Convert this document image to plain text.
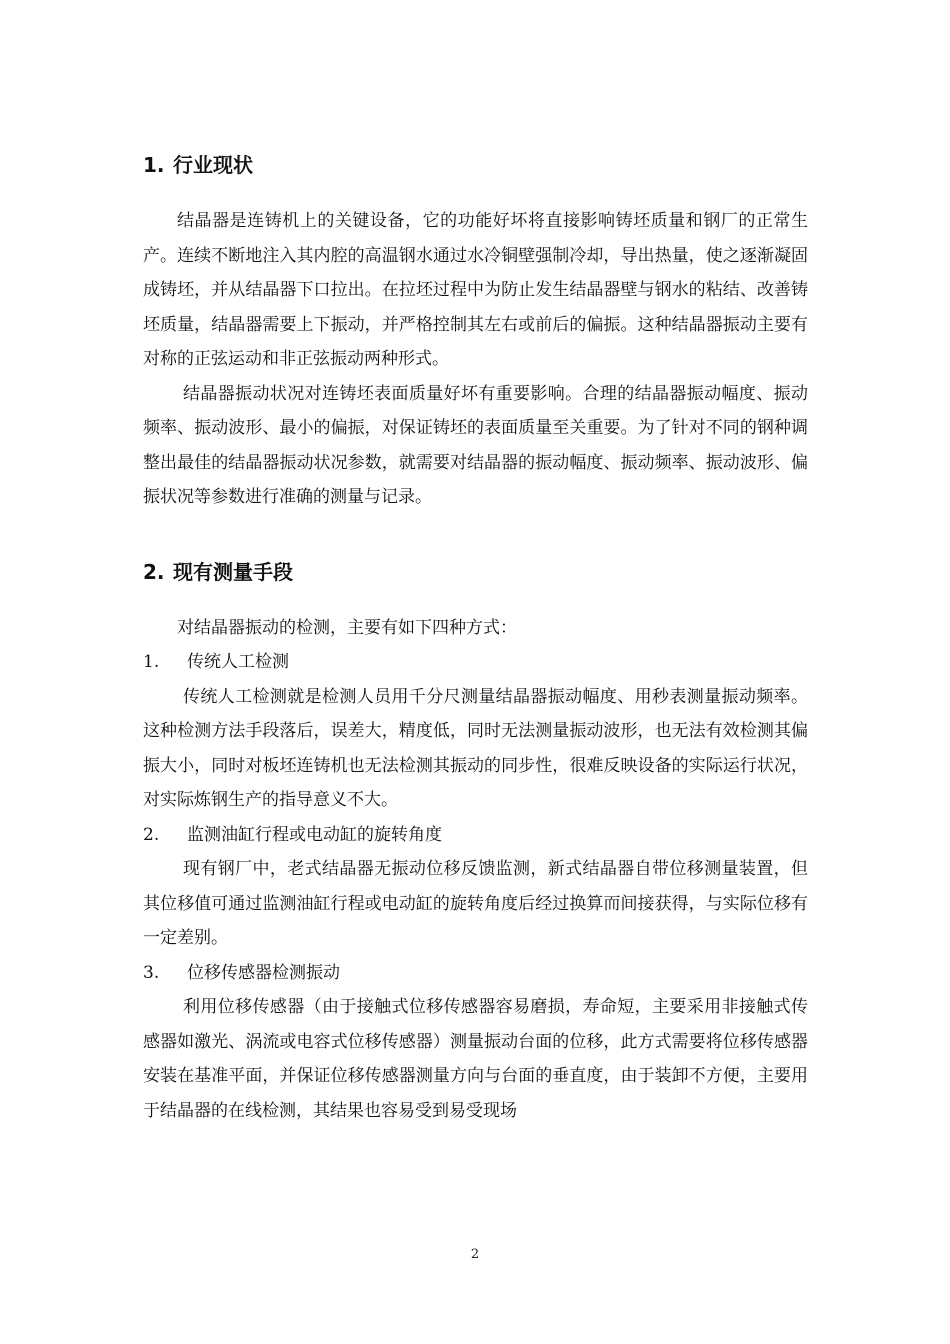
1. 行业现状

结晶器是连铸机上的关键设备，它的功能好坏将直接影响铸坯质量和钢厂的正常生产。连续不断地注入其内腔的高温钢水通过水冷铜壁强制冷却，导出热量，使之逐渐凝固成铸坯，并从结晶器下口拉出。在拉坯过程中为防止发生结晶器壁与钢水的粘结、改善铸坯质量，结晶器需要上下振动，并严格控制其左右或前后的偏振。这种结晶器振动主要有对称的正弦运动和非正弦振动两种形式。

结晶器振动状况对连铸坯表面质量好坏有重要影响。合理的结晶器振动幅度、振动频率、振动波形、最小的偏振，对保证铸坯的表面质量至关重要。为了针对不同的钢种调整出最佳的结晶器振动状况参数，就需要对结晶器的振动幅度、振动频率、振动波形、偏振状况等参数进行准确的测量与记录。

2. 现有测量手段

对结晶器振动的检测，主要有如下四种方式：

1. 传统人工检测

传统人工检测就是检测人员用千分尺测量结晶器振动幅度、用秒表测量振动频率。这种检测方法手段落后，误差大，精度低，同时无法测量振动波形，也无法有效检测其偏振大小，同时对板坯连铸机也无法检测其振动的同步性，很难反映设备的实际运行状况，对实际炼钢生产的指导意义不大。

2. 监测油缸行程或电动缸的旋转角度

现有钢厂中，老式结晶器无振动位移反馈监测，新式结晶器自带位移测量装置，但其位移值可通过监测油缸行程或电动缸的旋转角度后经过换算而间接获得，与实际位移有一定差别。

3. 位移传感器检测振动

利用位移传感器（由于接触式位移传感器容易磨损，寿命短，主要采用非接触式传感器如激光、涡流或电容式位移传感器）测量振动台面的位移，此方式需要将位移传感器安装在基准平面，并保证位移传感器测量方向与台面的垂直度，由于装卸不方便，主要用于结晶器的在线检测，其结果也容易受到易受现场

2
